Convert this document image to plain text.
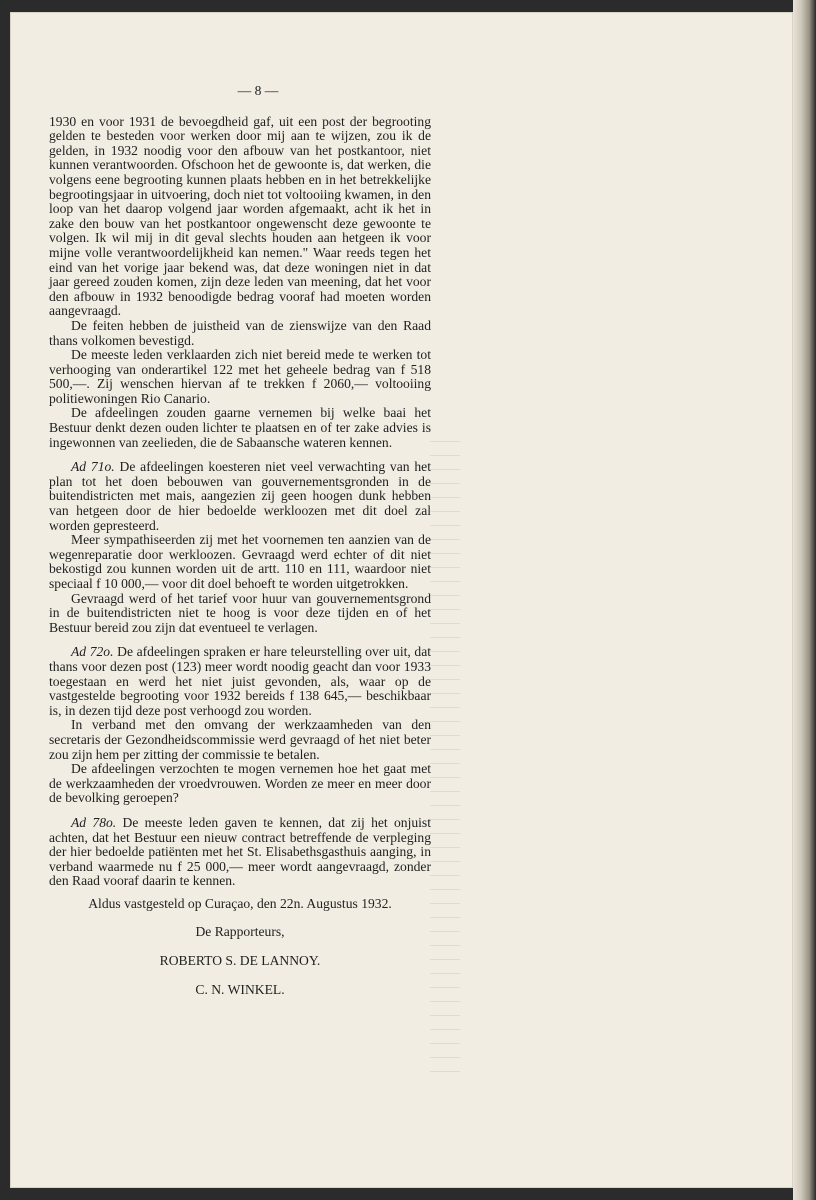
— 8 —

1930 en voor 1931 de bevoegdheid gaf, uit een post der begrooting gelden te besteden voor werken door mij aan te wijzen, zou ik de gelden, in 1932 noodig voor den afbouw van het postkantoor, niet kunnen verantwoorden. Ofschoon het de gewoonte is, dat werken, die volgens eene begrooting kunnen plaats hebben en in het betrekkelijke begrootingsjaar in uitvoering, doch niet tot voltooiing kwamen, in den loop van het daarop volgend jaar worden afgemaakt, acht ik het in zake den bouw van het postkantoor ongewenscht deze gewoonte te volgen. Ik wil mij in dit geval slechts houden aan hetgeen ik voor mijne volle verantwoordelijkheid kan nemen." Waar reeds tegen het eind van het vorige jaar bekend was, dat deze woningen niet in dat jaar gereed zouden komen, zijn deze leden van meening, dat het voor den afbouw in 1932 benoodigde bedrag vooraf had moeten worden aangevraagd.

De feiten hebben de juistheid van de zienswijze van den Raad thans volkomen bevestigd.

De meeste leden verklaarden zich niet bereid mede te werken tot verhooging van onderartikel 122 met het geheele bedrag van f 518 500,—. Zij wenschen hiervan af te trekken f 2060,— voltooiing politiewoningen Rio Canario.

De afdeelingen zouden gaarne vernemen bij welke baai het Bestuur denkt dezen ouden lichter te plaatsen en of ter zake advies is ingewonnen van zeelieden, die de Sabaansche wateren kennen.

Ad 71o. De afdeelingen koesteren niet veel verwachting van het plan tot het doen bebouwen van gouvernementsgronden in de buitendistricten met mais, aangezien zij geen hoogen dunk hebben van hetgeen door de hier bedoelde werkloozen met dit doel zal worden gepresteerd.

Meer sympathiseerden zij met het voornemen ten aanzien van de wegenreparatie door werkloozen. Gevraagd werd echter of dit niet bekostigd zou kunnen worden uit de artt. 110 en 111, waardoor niet speciaal f 10 000,— voor dit doel behoeft te worden uitgetrokken.

Gevraagd werd of het tarief voor huur van gouvernementsgrond in de buitendistricten niet te hoog is voor deze tijden en of het Bestuur bereid zou zijn dat eventueel te verlagen.

Ad 72o. De afdeelingen spraken er hare teleurstelling over uit, dat thans voor dezen post (123) meer wordt noodig geacht dan voor 1933 toegestaan en werd het niet juist gevonden, als, waar op de vastgestelde begrooting voor 1932 bereids f 138 645,— beschikbaar is, in dezen tijd deze post verhoogd zou worden.

In verband met den omvang der werkzaamheden van den secretaris der Gezondheidscommissie werd gevraagd of het niet beter zou zijn hem per zitting der commissie te betalen.

De afdeelingen verzochten te mogen vernemen hoe het gaat met de werkzaamheden der vroedvrouwen. Worden ze meer en meer door de bevolking geroepen?

Ad 78o. De meeste leden gaven te kennen, dat zij het onjuist achten, dat het Bestuur een nieuw contract betreffende de verpleging der hier bedoelde patiënten met het St. Elisabethsgasthuis aanging, in verband waarmede nu f 25 000,— meer wordt aangevraagd, zonder den Raad vooraf daarin te kennen.

Aldus vastgesteld op Curaçao, den 22n. Augustus 1932.

De Rapporteurs,

ROBERTO S. DE LANNOY.

C. N. WINKEL.
